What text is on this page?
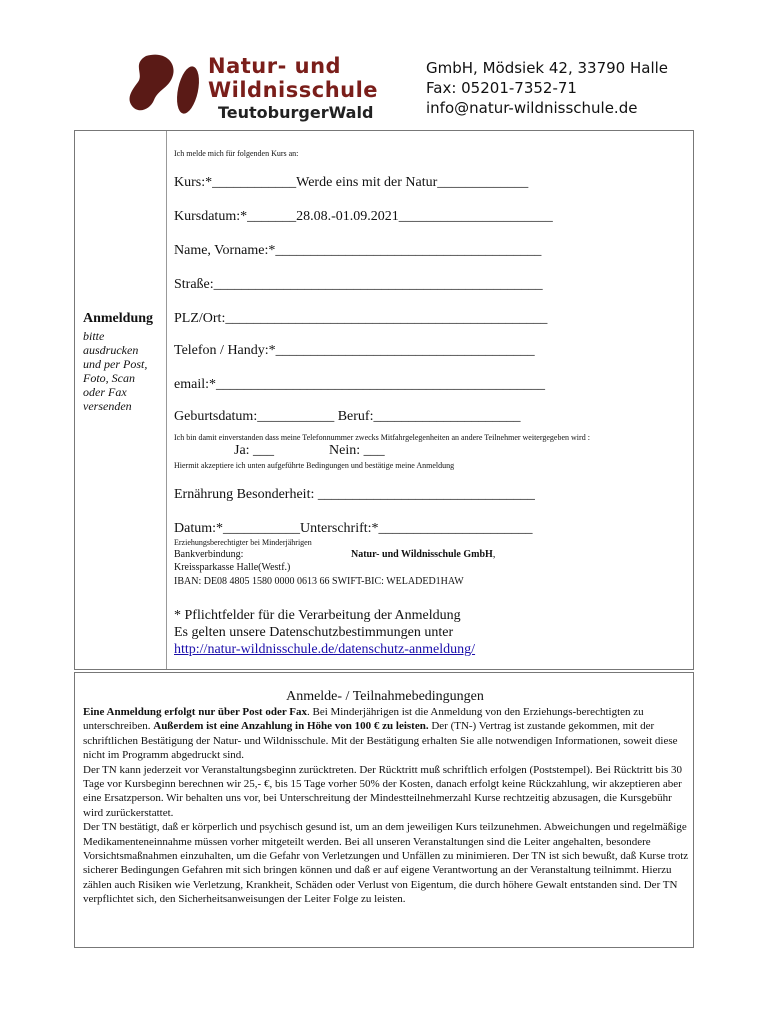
Natur- und
Wildnisschule
TeutoburgerWald
GmbH, Mödsiek 42, 33790 Halle
Fax: 05201-7352-71
info@natur-wildnisschule.de
Anmeldung
bitte
ausdrucken
und per Post,
Foto, Scan
oder Fax
versenden
Ich melde mich für folgenden Kurs an:
Kurs:*____________Werde eins mit der Natur_____________
Kursdatum:*_______28.08.-01.09.2021______________________
Name, Vorname:*______________________________________
Straße:_______________________________________________
PLZ/Ort:______________________________________________
Telefon / Handy:*_____________________________________
email:*_______________________________________________
Geburtsdatum:___________ Beruf:_____________________
Ich bin damit einverstanden dass meine Telefonnummer zwecks Mitfahrgelegenheiten an andere Teilnehmer weitergegeben wird :
Ja: ___	Nein: ___
Hiermit akzeptiere ich unten aufgeführte Bedingungen und bestätige meine Anmeldung
Ernährung Besonderheit: _______________________________
Datum:*___________Unterschrift:*______________________
Erziehungsberechtigter bei Minderjährigen
Bankverbindung:	Natur- und Wildnisschule GmbH,
Kreissparkasse Halle(Westf.)
IBAN: DE08 4805 1580 0000 0613 66 SWIFT-BIC: WELADED1HAW
* Pflichtfelder für die Verarbeitung der Anmeldung
Es gelten unsere Datenschutzbestimmungen unter
http://natur-wildnisschule.de/datenschutz-anmeldung/
Anmelde- / Teilnahmebedingungen

Eine Anmeldung erfolgt nur über Post oder Fax. Bei Minderjährigen ist die Anmeldung von den Erziehungs-berechtigten zu unterschreiben. Außerdem ist eine Anzahlung in Höhe von 100 € zu leisten. Der (TN-) Vertrag ist zustande gekommen, mit der schriftlichen Bestätigung der Natur- und Wildnisschule. Mit der Bestätigung erhalten Sie alle notwendigen Informationen, soweit diese nicht im Programm abgedruckt sind.

Der TN kann jederzeit vor Veranstaltungsbeginn zurücktreten. Der Rücktritt muß schriftlich erfolgen (Poststempel). Bei Rücktritt bis 30 Tage vor Kursbeginn berechnen wir 25,- €, bis 15 Tage vorher 50% der Kosten, danach erfolgt keine Rückzahlung, wir akzeptieren aber eine Ersatzperson. Wir behalten uns vor, bei Unterschreitung der Mindestteilnehmerzahl Kurse rechtzeitig abzusagen, die Kursgebühr wird zurückerstattet.

Der TN bestätigt, daß er körperlich und psychisch gesund ist, um an dem jeweiligen Kurs teilzunehmen. Abweichungen und regelmäßige Medikamenteneinnahme müssen vorher mitgeteilt werden. Bei all unseren Veranstaltungen sind die Leiter angehalten, besondere Vorsichtsmaßnahmen einzuhalten, um die Gefahr von Verletzungen und Unfällen zu minimieren. Der TN ist sich bewußt, daß Kurse trotz sicherer Bedingungen Gefahren mit sich bringen können und daß er auf eigene Verantwortung an der Veranstaltung teilnimmt. Hierzu zählen auch Risiken wie Verletzung, Krankheit, Schäden oder Verlust von Eigentum, die durch höhere Gewalt entstanden sind. Der TN verpflichtet sich, den Sicherheitsanweisungen der Leiter Folge zu leisten.
